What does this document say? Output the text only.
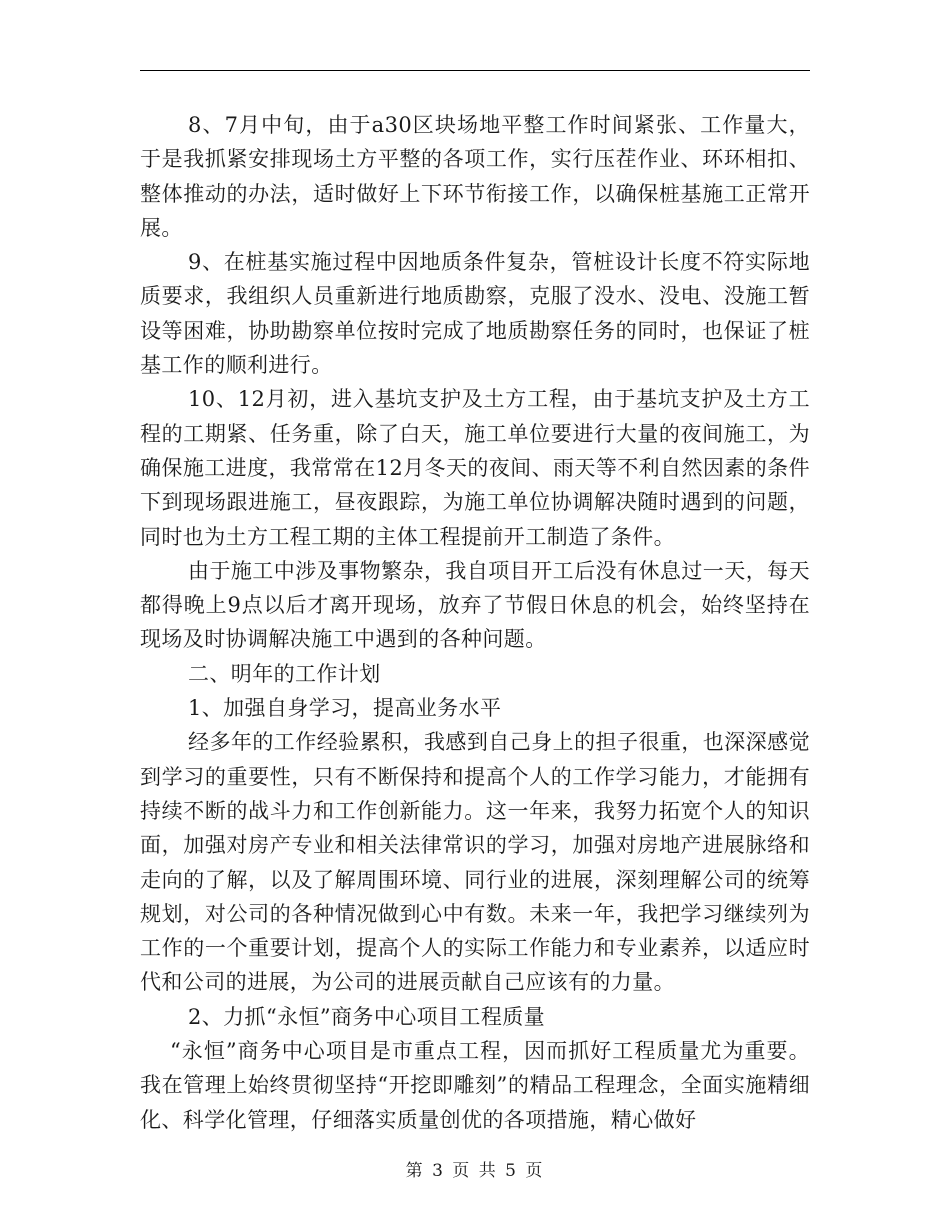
8、7月中旬，由于a30区块场地平整工作时间紧张、工作量大，于是我抓紧安排现场土方平整的各项工作，实行压茬作业、环环相扣、整体推动的办法，适时做好上下环节衔接工作，以确保桩基施工正常开展。

9、在桩基实施过程中因地质条件复杂，管桩设计长度不符实际地质要求，我组织人员重新进行地质勘察，克服了没水、没电、没施工暂设等困难，协助勘察单位按时完成了地质勘察任务的同时，也保证了桩基工作的顺利进行。

10、12月初，进入基坑支护及土方工程，由于基坑支护及土方工程的工期紧、任务重，除了白天，施工单位要进行大量的夜间施工，为确保施工进度，我常常在12月冬天的夜间、雨天等不利自然因素的条件下到现场跟进施工，昼夜跟踪，为施工单位协调解决随时遇到的问题，同时也为土方工程工期的主体工程提前开工制造了条件。

由于施工中涉及事物繁杂，我自项目开工后没有休息过一天，每天都得晚上9点以后才离开现场，放弃了节假日休息的机会，始终坚持在现场及时协调解决施工中遇到的各种问题。

二、明年的工作计划

1、加强自身学习，提高业务水平

经多年的工作经验累积，我感到自己身上的担子很重，也深深感觉到学习的重要性，只有不断保持和提高个人的工作学习能力，才能拥有持续不断的战斗力和工作创新能力。这一年来，我努力拓宽个人的知识面，加强对房产专业和相关法律常识的学习，加强对房地产进展脉络和走向的了解，以及了解周围环境、同行业的进展，深刻理解公司的统筹规划，对公司的各种情况做到心中有数。未来一年，我把学习继续列为工作的一个重要计划，提高个人的实际工作能力和专业素养，以适应时代和公司的进展，为公司的进展贡献自己应该有的力量。

2、力抓“永恒”商务中心项目工程质量

“永恒”商务中心项目是市重点工程，因而抓好工程质量尤为重要。我在管理上始终贯彻坚持“开挖即雕刻”的精品工程理念，全面实施精细化、科学化管理，仔细落实质量创优的各项措施，精心做好

第 3 页 共 5 页
